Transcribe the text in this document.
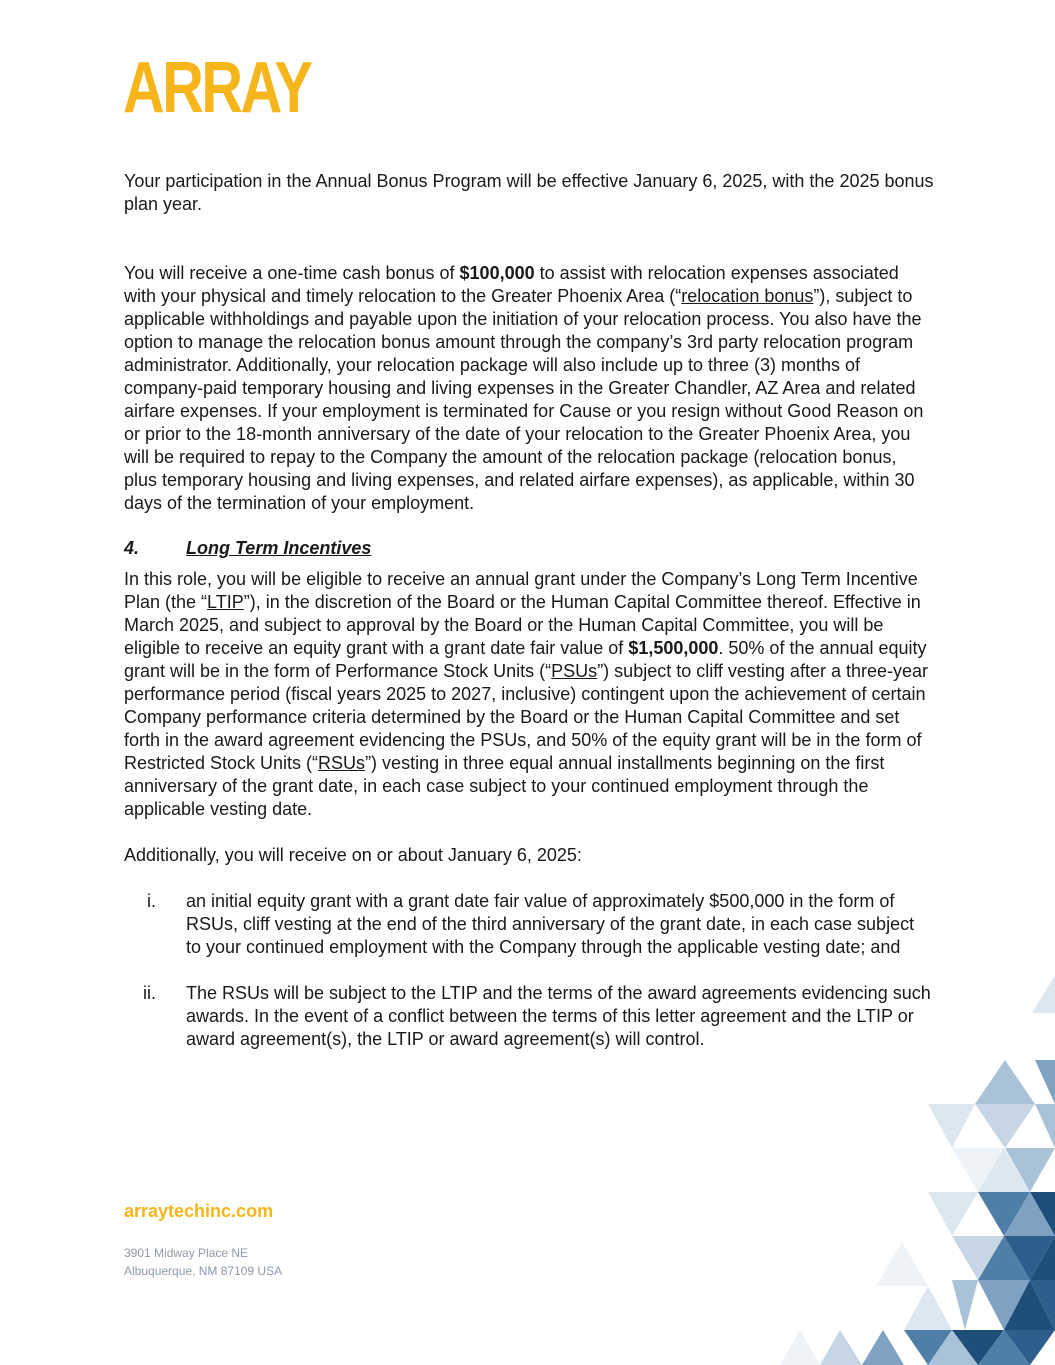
ARRAY

Your participation in the Annual Bonus Program will be effective January 6, 2025, with the 2025 bonus plan year.

You will receive a one-time cash bonus of $100,000 to assist with relocation expenses associated with your physical and timely relocation to the Greater Phoenix Area (“relocation bonus”), subject to applicable withholdings and payable upon the initiation of your relocation process. You also have the option to manage the relocation bonus amount through the company’s 3rd party relocation program administrator. Additionally, your relocation package will also include up to three (3) months of company-paid temporary housing and living expenses in the Greater Chandler, AZ Area and related airfare expenses. If your employment is terminated for Cause or you resign without Good Reason on or prior to the 18-month anniversary of the date of your relocation to the Greater Phoenix Area, you will be required to repay to the Company the amount of the relocation package (relocation bonus, plus temporary housing and living expenses, and related airfare expenses), as applicable, within 30 days of the termination of your employment.

4.	Long Term Incentives

In this role, you will be eligible to receive an annual grant under the Company’s Long Term Incentive Plan (the “LTIP”), in the discretion of the Board or the Human Capital Committee thereof. Effective in March 2025, and subject to approval by the Board or the Human Capital Committee, you will be eligible to receive an equity grant with a grant date fair value of $1,500,000. 50% of the annual equity grant will be in the form of Performance Stock Units (“PSUs”) subject to cliff vesting after a three-year performance period (fiscal years 2025 to 2027, inclusive) contingent upon the achievement of certain Company performance criteria determined by the Board or the Human Capital Committee and set forth in the award agreement evidencing the PSUs, and 50% of the equity grant will be in the form of Restricted Stock Units (“RSUs”) vesting in three equal annual installments beginning on the first anniversary of the grant date, in each case subject to your continued employment through the applicable vesting date.

Additionally, you will receive on or about January 6, 2025:

i.	an initial equity grant with a grant date fair value of approximately $500,000 in the form of RSUs, cliff vesting at the end of the third anniversary of the grant date, in each case subject to your continued employment with the Company through the applicable vesting date; and
ii.	The RSUs will be subject to the LTIP and the terms of the award agreements evidencing such awards. In the event of a conflict between the terms of this letter agreement and the LTIP or award agreement(s), the LTIP or award agreement(s) will control.
arraytechinc.com
3901 Midway Place NE
Albuquerque, NM 87109 USA
